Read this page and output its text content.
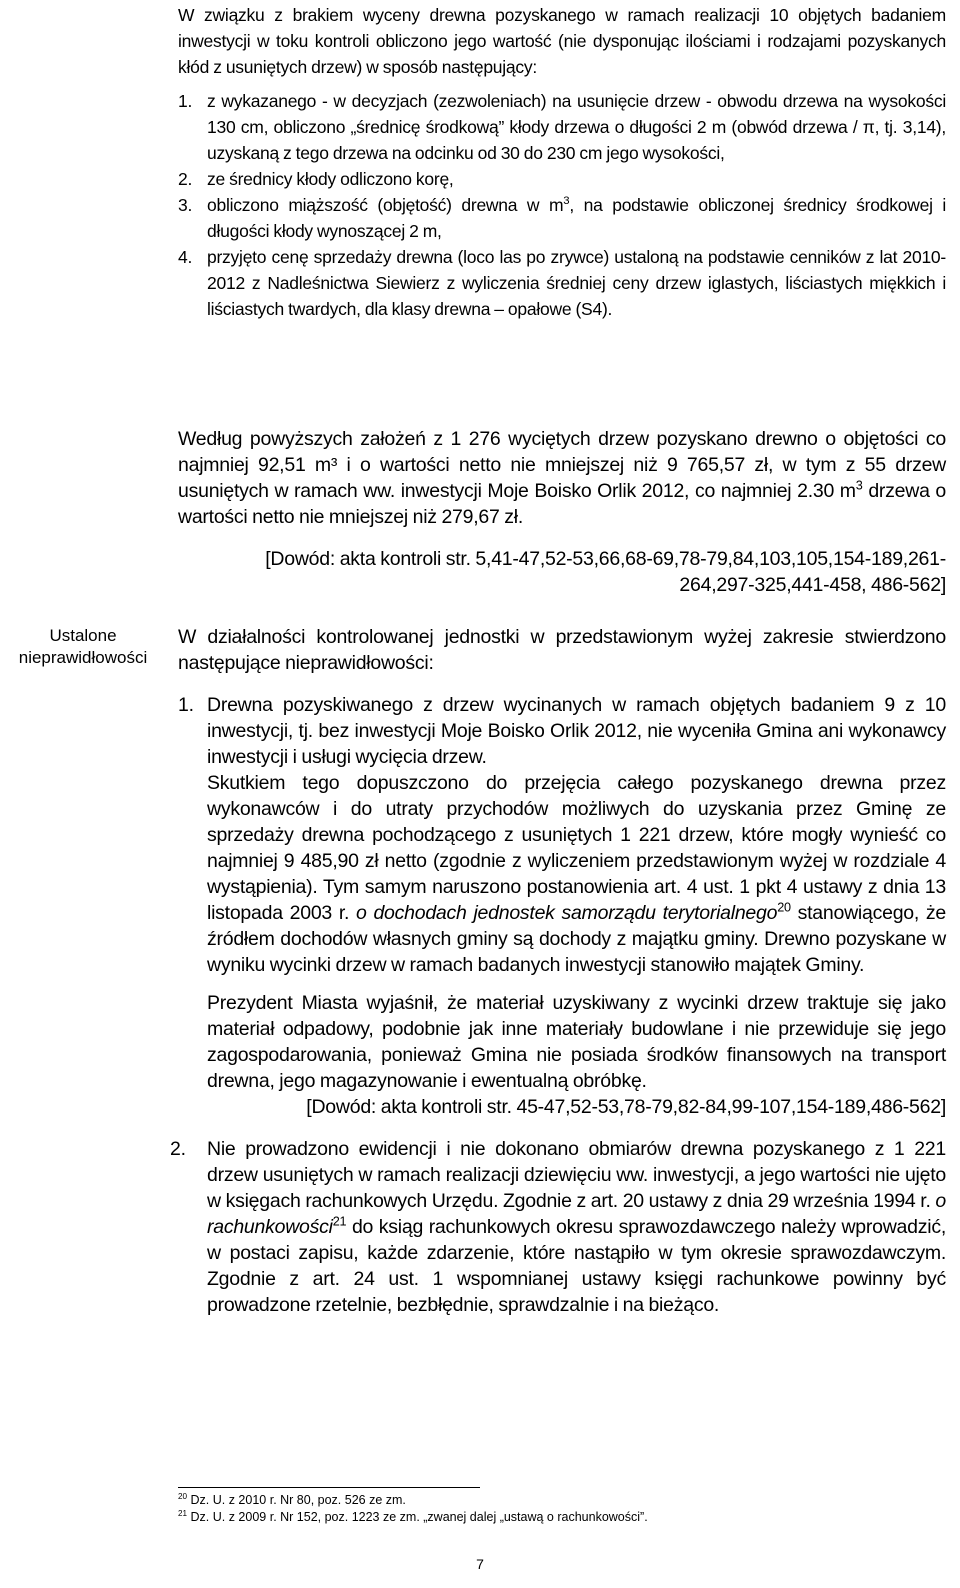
Ustalone
nieprawidłowości

W związku z brakiem wyceny drewna pozyskanego w ramach realizacji 10 objętych badaniem inwestycji w toku kontroli obliczono jego wartość (nie dysponując ilościami i rodzajami pozyskanych kłód z usuniętych drzew) w sposób następujący:

1. z wykazanego - w decyzjach (zezwoleniach) na usunięcie drzew - obwodu drzewa na wysokości 130 cm, obliczono „średnicę środkową” kłody drzewa o długości 2 m (obwód drzewa / π, tj. 3,14), uzyskaną z tego drzewa na odcinku od 30 do 230 cm jego wysokości,
2. ze średnicy kłody odliczono korę,
3. obliczono miąższość (objętość) drewna w $m^3$, na podstawie obliczonej średnicy środkowej i długości kłody wynoszącej 2 m,
4. przyjęto cenę sprzedaży drewna (loco las po zrywce) ustaloną na podstawie cenników z lat 2010-2012 z Nadleśnictwa Siewierz z wyliczenia średniej ceny drzew iglastych, liściastych miękkich i liściastych twardych, dla klasy drewna – opałowe (S4).

Według powyższych założeń z 1 276 wyciętych drzew pozyskano drewno o objętości co najmniej 92,51 m³ i o wartości netto nie mniejszej niż 9 765,57 zł, w tym z 55 drzew usuniętych w ramach ww. inwestycji Moje Boisko Orlik 2012, co najmniej 2.30 $m^3$ drzewa o wartości netto nie mniejszej niż 279,67 zł.

[Dowód: akta kontroli str. 5,41-47,52-53,66,68-69,78-79,84,103,105,154-189,261-264,297-325,441-458, 486-562]

W działalności kontrolowanej jednostki w przedstawionym wyżej zakresie stwierdzono następujące nieprawidłowości:

1. Drewna pozyskiwanego z drzew wycinanych w ramach objętych badaniem 9 z 10 inwestycji, tj. bez inwestycji Moje Boisko Orlik 2012, nie wyceniła Gmina ani wykonawcy inwestycji i usługi wycięcia drzew.

Skutkiem tego dopuszczono do przejęcia całego pozyskanego drewna przez wykonawców i do utraty przychodów możliwych do uzyskania przez Gminę ze sprzedaży drewna pochodzącego z usuniętych 1 221 drzew, które mogły wynieść co najmniej 9 485,90 zł netto (zgodnie z wyliczeniem przedstawionym wyżej w rozdziale 4 wystąpienia). Tym samym naruszono postanowienia art. 4 ust. 1 pkt 4 ustawy z dnia 13 listopada 2003 r. o dochodach jednostek samorządu terytorialnego$^{20}$ stanowiącego, że źródłem dochodów własnych gminy są dochody z majątku gminy. Drewno pozyskane w wyniku wycinki drzew w ramach badanych inwestycji stanowiło majątek Gminy.

Prezydent Miasta wyjaśnił, że materiał uzyskiwany z wycinki drzew traktuje się jako materiał odpadowy, podobnie jak inne materiały budowlane i nie przewiduje się jego zagospodarowania, ponieważ Gmina nie posiada środków finansowych na transport drewna, jego magazynowanie i ewentualną obróbkę.

[Dowód: akta kontroli str. 45-47,52-53,78-79,82-84,99-107,154-189,486-562]

2. Nie prowadzono ewidencji i nie dokonano obmiarów drewna pozyskanego z 1 221 drzew usuniętych w ramach realizacji dziewięciu ww. inwestycji, a jego wartości nie ujęto w księgach rachunkowych Urzędu. Zgodnie z art. 20 ustawy z dnia 29 września 1994 r. o rachunkowości$^{21}$ do ksiąg rachunkowych okresu sprawozdawczego należy wprowadzić, w postaci zapisu, każde zdarzenie, które nastąpiło w tym okresie sprawozdawczym. Zgodnie z art. 24 ust. 1 wspomnianej ustawy księgi rachunkowe powinny być prowadzone rzetelnie, bezbłędnie, sprawdzalnie i na bieżąco.

$^{20}$ Dz. U. z 2010 r. Nr 80, poz. 526 ze zm.
$^{21}$ Dz. U. z 2009 r. Nr 152, poz. 1223 ze zm. „zwanej dalej „ustawą o rachunkowości”.
7
